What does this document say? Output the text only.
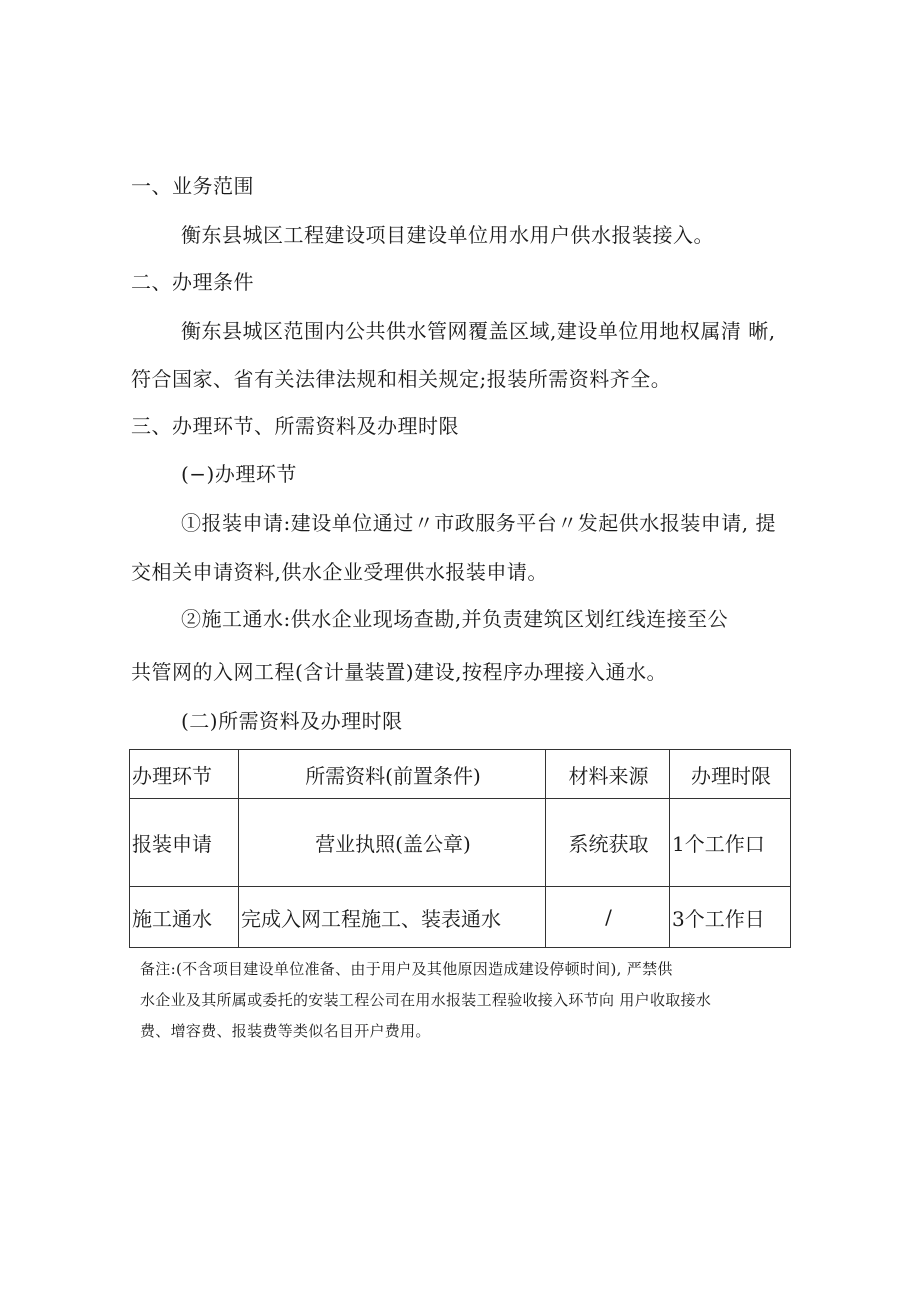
一、业务范围
衡东县城区工程建设项目建设单位用水用户供水报装接入。
二、办理条件
衡东县城区范围内公共供水管网覆盖区域,建设单位用地权属清 晰,
符合国家、省有关法律法规和相关规定;报装所需资料齐全。
三、办理环节、所需资料及办理时限
(−)办理环节
①报装申请:建设单位通过〃市政服务平台〃发起供水报装申请, 提
交相关申请资料,供水企业受理供水报装申请。
②施工通水:供水企业现场查勘,并负责建筑区划红线连接至公
共管网的入网工程(含计量装置)建设,按程序办理接入通水。
(二)所需资料及办理时限
办理环节	所需资料(前置条件)	材料来源	办理时限
报装申请	营业执照(盖公章)	系统获取	1个工作口
施工通水	完成入网工程施工、装表通水	/	3个工作日
备注:(不含项目建设单位准备、由于用户及其他原因造成建设停顿时间), 严禁供
水企业及其所属或委托的安装工程公司在用水报装工程验收接入环节向 用户收取接水
费、增容费、报装费等类似名目开户费用。
